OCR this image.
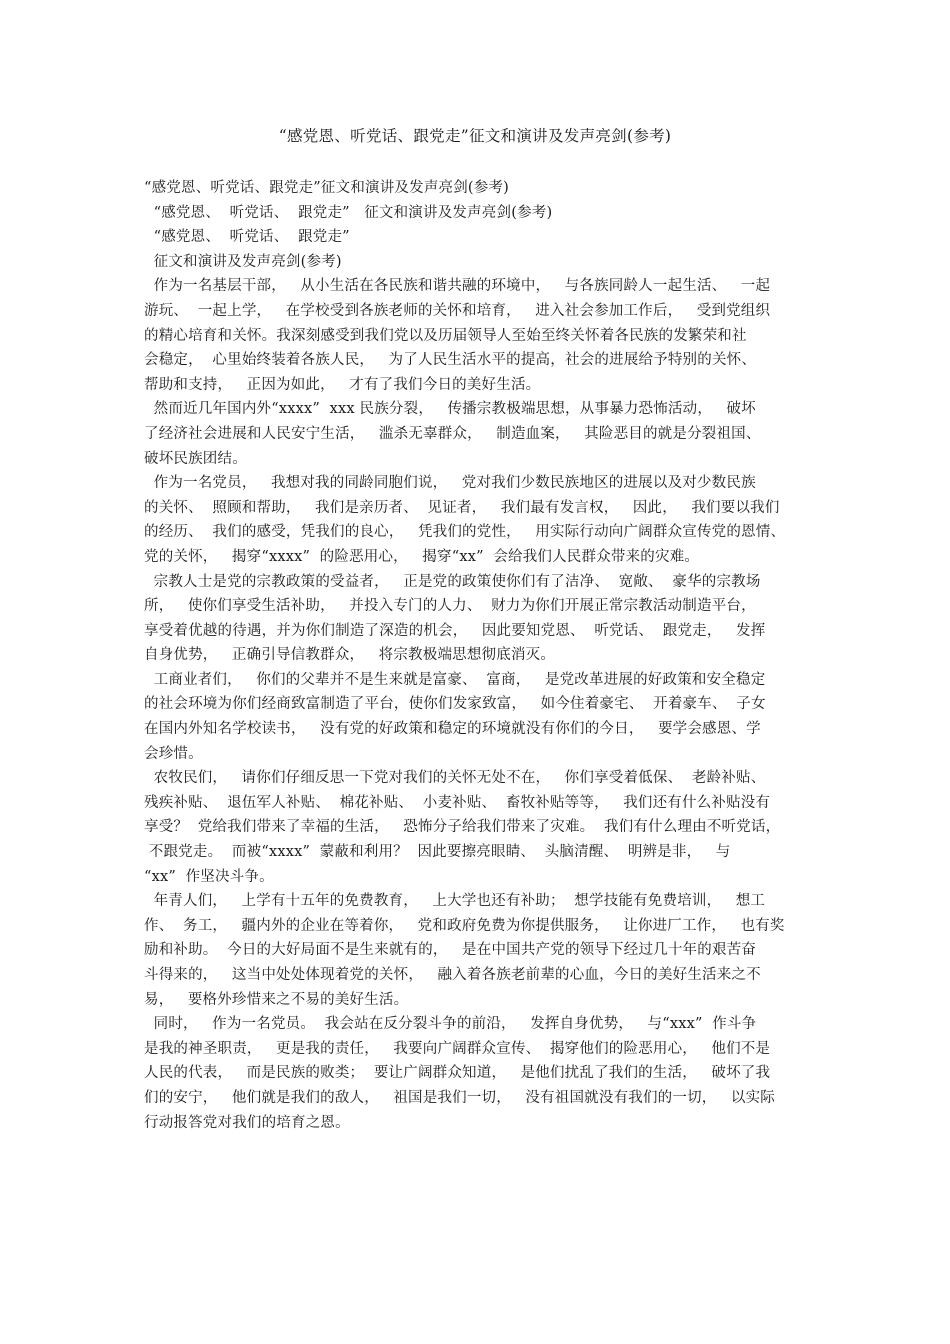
“感党恩、听党话、跟党走”征文和演讲及发声亮剑(参考)
“感党恩、听党话、跟党走”征文和演讲及发声亮剑(参考)
“感党恩、  听党话、  跟党走”   征文和演讲及发声亮剑(参考)
“感党恩、  听党话、  跟党走”
征文和演讲及发声亮剑(参考)
作为一名基层干部，   从小生活在各民族和谐共融的环境中，   与各族同龄人一起生活、   一起
游玩、  一起上学，   在学校受到各族老师的关怀和培育，   进入社会参加工作后，   受到党组织
的精心培育和关怀。我深刻感受到我们党以及历届领导人至始至终关怀着各民族的发繁荣和社
会稳定，  心里始终装着各族人民，   为了人民生活水平的提高，社会的进展给予特别的关怀、
帮助和支持，   正因为如此，   才有了我们今日的美好生活。
然而近几年国内外“xxxx”  xxx 民族分裂，   传播宗教极端思想，从事暴力恐怖活动，   破坏
了经济社会进展和人民安宁生活，   滥杀无辜群众，   制造血案，   其险恶目的就是分裂祖国、
破坏民族团结。
作为一名党员，   我想对我的同龄同胞们说，   党对我们少数民族地区的进展以及对少数民族
的关怀、  照顾和帮助，   我们是亲历者、  见证者，   我们最有发言权，   因此，   我们要以我们
的经历、  我们的感受，凭我们的良心，   凭我们的党性，   用实际行动向广阔群众宣传党的恩情、
党的关怀，   揭穿“xxxx”  的险恶用心，   揭穿“xx”  会给我们人民群众带来的灾难。
宗教人士是党的宗教政策的受益者，   正是党的政策使你们有了洁净、  宽敞、  豪华的宗教场
所，   使你们享受生活补助，   并投入专门的人力、  财力为你们开展正常宗教活动制造平台，
享受着优越的待遇，并为你们制造了深造的机会，   因此要知党恩、  听党话、  跟党走，   发挥
自身优势，   正确引导信教群众，   将宗教极端思想彻底消灭。
工商业者们，   你们的父辈并不是生来就是富豪、  富商，   是党改革进展的好政策和安全稳定
的社会环境为你们经商致富制造了平台，使你们发家致富，   如今住着豪宅、  开着豪车、  子女
在国内外知名学校读书，   没有党的好政策和稳定的环境就没有你们的今日，   要学会感恩、学
会珍惜。
农牧民们，   请你们仔细反思一下党对我们的关怀无处不在，   你们享受着低保、  老龄补贴、
残疾补贴、  退伍军人补贴、  棉花补贴、  小麦补贴、  畜牧补贴等等，   我们还有什么补贴没有
享受？  党给我们带来了幸福的生活，   恐怖分子给我们带来了灾难。  我们有什么理由不听党话，
不跟党走。  而被“xxxx”  蒙蔽和利用？  因此要擦亮眼睛、  头脑清醒、  明辨是非，   与
“xx”  作坚决斗争。
年青人们，   上学有十五年的免费教育，   上大学也还有补助；  想学技能有免费培训，   想工
作、  务工，   疆内外的企业在等着你，   党和政府免费为你提供服务，   让你进厂工作，   也有奖
励和补助。  今日的大好局面不是生来就有的，   是在中国共产党的领导下经过几十年的艰苦奋
斗得来的，   这当中处处体现着党的关怀，   融入着各族老前辈的心血，今日的美好生活来之不
易，   要格外珍惜来之不易的美好生活。
同时，   作为一名党员。  我会站在反分裂斗争的前沿，   发挥自身优势，   与“xxx”  作斗争
是我的神圣职责，   更是我的责任，   我要向广阔群众宣传、  揭穿他们的险恶用心，   他们不是
人民的代表，   而是民族的败类；  要让广阔群众知道，   是他们扰乱了我们的生活，   破坏了我
们的安宁，   他们就是我们的敌人，   祖国是我们一切，   没有祖国就没有我们的一切，   以实际
行动报答党对我们的培育之恩。
